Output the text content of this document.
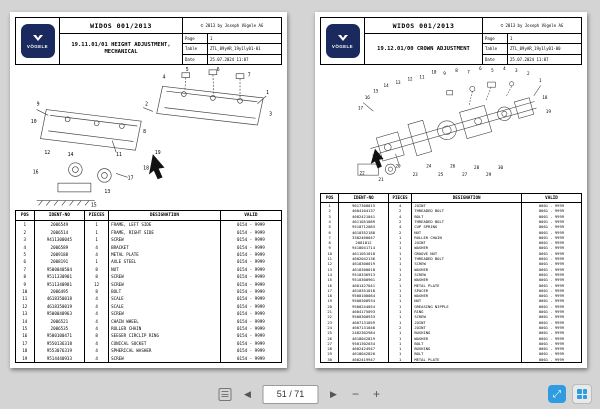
VÖGELE
WIDOS 001/2013	© 2013 by Joseph Vögele AG
19.11.01/01 HEIGHT ADJUSTMENT,
MECHANICAL
Page	1
Table	ZTL_09yAR_19y1ly01-01
Date	25.07.2024 11:07
1
2
3
4
5	6
7
8
9
10
11
12
13
14
15
16
17
18
19
POS	IDENT-NO	PIECES	DESIGNATION	VALID
1	2006549	1	FRAME, LEFT SIDE	0154 - 9999
2	2006514	1	FRAME, RIGHT SIDE	0154 - 9999
3	9411300045	1	SCREW	0154 - 9999
4	2006589	4	BRACKET	0154 - 9999
5	2009188	4	METAL PLATE	0154 - 9999
6	2008191	1	AXLE STEEL	0154 - 9999
7	9500040504	8	NUT	0154 - 9999
8	9511330901	8	SCREW	0154 - 9999
9	9511340981	12	SCREW	0154 - 9999
10	2006495	8	BOLT	0154 - 9999
11	4618350018	4	SCALE	0154 - 9999
12	4618350019	4	SCALE	0154 - 9999
13	9500040963	4	SCREW	0154 - 9999
14	2006521	4	CHAIN WHEEL	0154 - 9999
15	2006535	4	ROLLER CHAIN	0154 - 9999
16	9500100471	8	SEEGER CIRCLIP RING	0154 - 9999
17	9550136318	4	CONICAL SOCKET	0154 - 9999
18	9553076319	4	SPHERICAL WASHER	0154 - 9999
19	9514440933	4	SCREW	0154 - 9999
VÖGELE
WIDOS 001/2013	© 2013 by Joseph Vögele AG
19.12.01/00 CROWN ADJUSTMENT
Page	1
Table	ZTL_09yAR_19y1ly01-00
Date	25.07.2024 11:07
1
2
3
4
5
6
7
8
9
10
11
12
13
14
15
16
17
18
19
20
21
22	23
24
25
26
27
28
29
30
POS	IDENT-NO	PIECES	DESIGNATION	VALID
1	9617300015	4	JOINT	0001 - 9999
2	4604104137	2	THREADED BOLT	0001 - 9999
3	4602421041	4	BOLT	0001 - 9999
4	4611051089	2	THREADED BOLT	0001 - 9999
5	9510712083	4	CUP SPRING	0001 - 9999
6	4610352188	2	NUT	0001 - 9999
7	3302460047	1	ROLLER CHAIN	0001 - 9999
8	2081812	1	JOINT	0001 - 9999
9	9418041714	1	WASHER	0001 - 9999
10	4611051018	1	GROOVE NUT	0001 - 9999
11	4602042136	1	THREADED BOLT	0001 - 9999
12	4618300019	1	SCREW	0001 - 9999
13	4618300018	1	WASHER	0001 - 9999
14	9510336913	1	SCREW	0001 - 9999
15	9510300961	2	WASHER	0001 - 9999
16	4601427041	1	METAL PLATE	0001 - 9999
17	4610351018	1	SPACER	0001 - 9999
18	9500100084	1	WASHER	0001 - 9999
19	9500300934	1	NUT	0001 - 9999
20	9500244054	1	GREASING NIPPLE	0001 - 9999
21	4604175093	1	RING	0001 - 9999
22	9500300933	1	SCREW	0001 - 9999
23	4607131059	1	JOINT	0001 - 9999
24	4607131048	2	JOINT	0001 - 9999
25	2482302984	1	BUSHING	0001 - 9999
26	4618042819	1	WASHER	0001 - 9999
27	9501302034	1	BOLT	0001 - 9999
28	4602424947	1	BUSHING	0001 - 9999
29	4618042820	1	BOLT	0001 - 9999
30	4602419947	1	METAL PLATE	0001 - 9999
◀	51 / 71	▶	− +	⤢
